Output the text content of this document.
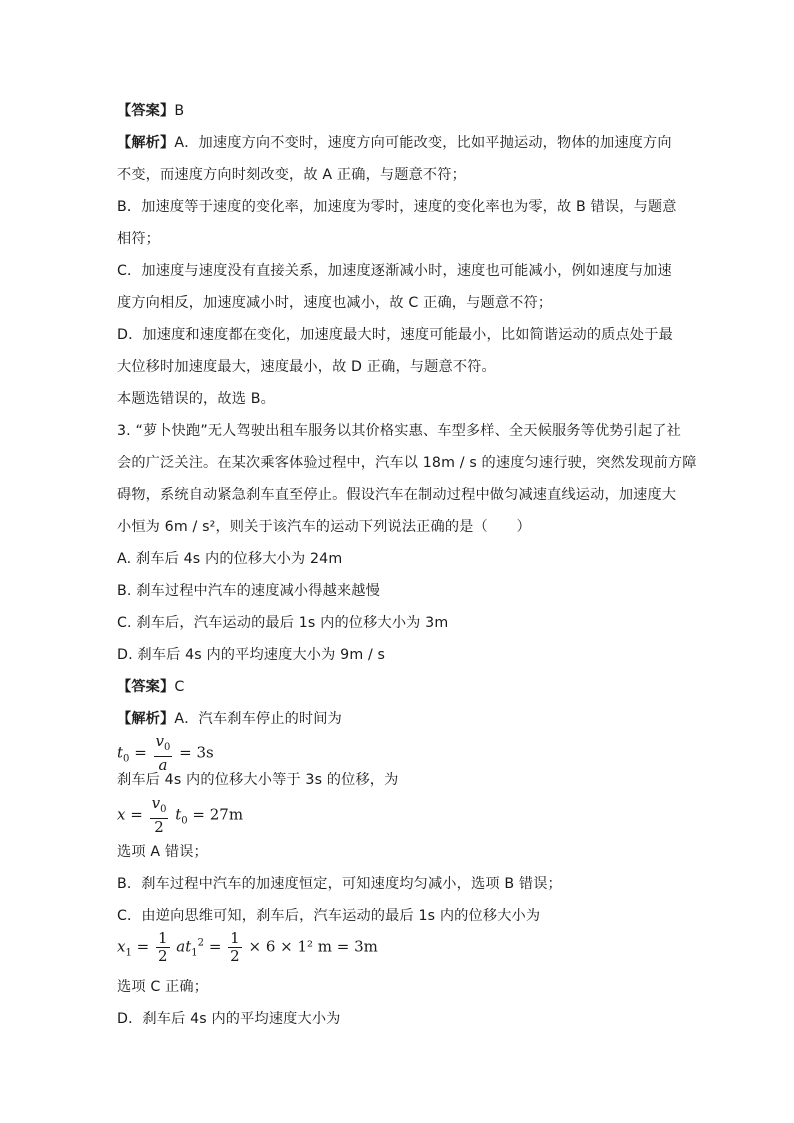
【答案】B
【解析】A．加速度方向不变时，速度方向可能改变，比如平抛运动，物体的加速度方向
不变，而速度方向时刻改变，故 A 正确，与题意不符；
B．加速度等于速度的变化率，加速度为零时，速度的变化率也为零，故 B 错误，与题意
相符；
C．加速度与速度没有直接关系，加速度逐渐减小时，速度也可能减小，例如速度与加速
度方向相反，加速度减小时，速度也减小，故 C 正确，与题意不符；
D．加速度和速度都在变化，加速度最大时，速度可能最小，比如简谐运动的质点处于最
大位移时加速度最大，速度最小，故 D 正确，与题意不符。
本题选错误的，故选 B。
3. “萝卜快跑”无人驾驶出租车服务以其价格实惠、车型多样、全天候服务等优势引起了社
会的广泛关注。在某次乘客体验过程中，汽车以 18m / s 的速度匀速行驶，突然发现前方障
碍物，系统自动紧急刹车直至停止。假设汽车在制动过程中做匀减速直线运动，加速度大
小恒为 6m / s²，则关于该汽车的运动下列说法正确的是（　　）
A. 刹车后 4s 内的位移大小为 24m
B. 刹车过程中汽车的速度减小得越来越慢
C. 刹车后，汽车运动的最后 1s 内的位移大小为 3m
D. 刹车后 4s 内的平均速度大小为 9m / s
【答案】C
【解析】A．汽车刹车停止的时间为
$t_0 = \frac{v_0}{a} = 3s$
刹车后 4s 内的位移大小等于 3s 的位移，为
$x = \frac{v_0}{2} t_0 = 27m$
选项 A 错误；
B．刹车过程中汽车的加速度恒定，可知速度均匀减小，选项 B 错误；
C．由逆向思维可知，刹车后，汽车运动的最后 1s 内的位移大小为
$x_1 = \frac{1}{2} at_1^2 = \frac{1}{2} \times 6 \times 1^2$ m = 3m
选项 C 正确；
D．刹车后 4s 内的平均速度大小为
